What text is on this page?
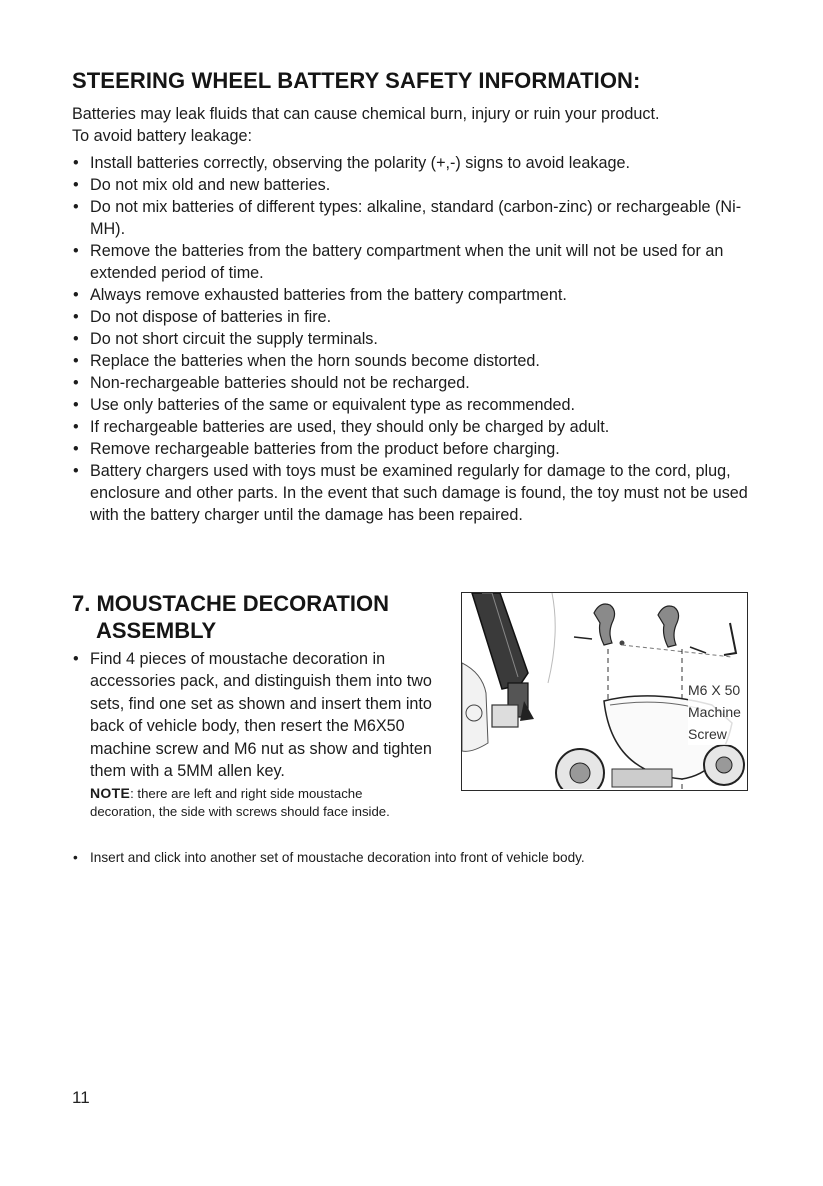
STEERING WHEEL BATTERY SAFETY INFORMATION:
Batteries may leak fluids that can cause chemical burn, injury or ruin your product.
To avoid battery leakage:
• Install batteries correctly, observing the polarity (+,-) signs to avoid leakage.
• Do not mix old and new batteries.
• Do not mix batteries of different types: alkaline, standard (carbon-zinc) or rechargeable (Ni-MH).
• Remove the batteries from the battery compartment when the unit will not be used for an extended period of time.
• Always remove exhausted batteries from the battery compartment.
• Do not dispose of batteries in fire.
• Do not short circuit the supply terminals.
• Replace the batteries when the horn sounds become distorted.
• Non-rechargeable batteries should not be recharged.
• Use only batteries of the same or equivalent type as recommended.
• If rechargeable batteries are used, they should only be charged by adult.
• Remove rechargeable batteries from the product before charging.
• Battery chargers used with toys must be examined regularly for damage to the cord, plug, enclosure and other parts. In the event that such damage is found, the toy must not be used with the battery charger until the damage has been repaired.
7. MOUSTACHE DECORATION
ASSEMBLY
• Find 4 pieces of moustache decoration in accessories pack, and distinguish them into two sets, find one set as shown and insert them into back of vehicle body, then resert the M6X50 machine screw and M6 nut as show and tighten them with a 5MM allen key.
NOTE: there are left and right side moustache decoration, the side with screws should face inside.
M6 X 50
Machine
Screw
• Insert and click into another set of moustache decoration into front of vehicle body.
11
